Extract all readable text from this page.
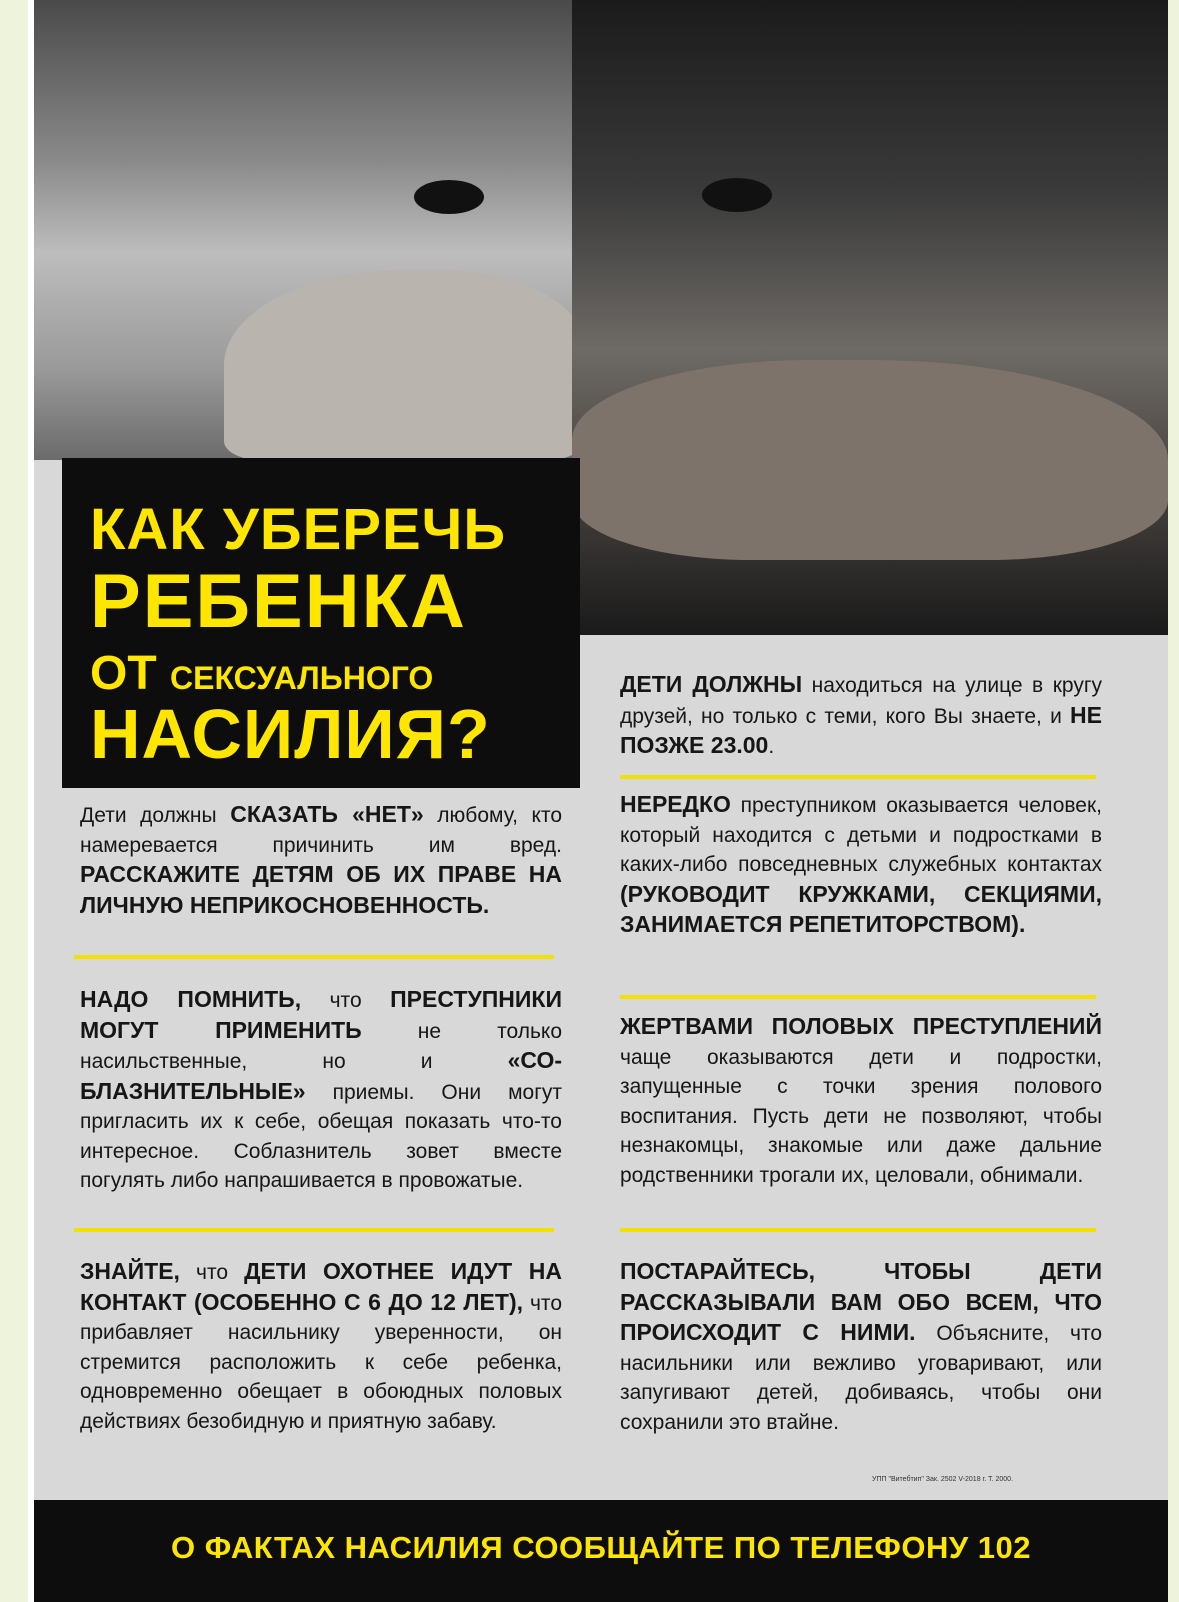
КАК УБЕРЕЧЬ
РЕБЕНКА
ОТ СЕКСУАЛЬНОГО
НАСИЛИЯ?
Дети должны СКАЗАТЬ «НЕТ» любому, кто намеревается причинить им вред. РАССКАЖИТЕ ДЕТЯМ ОБ ИХ ПРАВЕ НА ЛИЧНУЮ НЕПРИКОСНОВЕННОСТЬ.
НАДО ПОМНИТЬ, что ПРЕСТУПНИКИ МОГУТ ПРИМЕНИТЬ не только насильственные, но и «СОБЛАЗНИТЕЛЬНЫЕ» приемы. Они могут пригласить их к себе, обещая показать что-то интересное. Соблазнитель зовет вместе погулять либо напрашивается в провожатые.
ЗНАЙТЕ, что ДЕТИ ОХОТНЕЕ ИДУТ НА КОНТАКТ (ОСОБЕННО С 6 ДО 12 ЛЕТ), что прибавляет насильнику уверенности, он стремится расположить к себе ребенка, одновременно обещает в обоюдных половых действиях безобидную и приятную забаву.
ДЕТИ ДОЛЖНЫ находиться на улице в кругу друзей, но только с теми, кого Вы знаете, и НЕ ПОЗЖЕ 23.00.
НЕРЕДКО преступником оказывается человек, который находится с детьми и подростками в каких-либо повседневных служебных контактах (РУКОВОДИТ КРУЖКАМИ, СЕКЦИЯМИ, ЗАНИМАЕТСЯ РЕПЕТИТОРСТВОМ).
ЖЕРТВАМИ ПОЛОВЫХ ПРЕСТУПЛЕНИЙ чаще оказываются дети и подростки, запущенные с точки зрения полового воспитания. Пусть дети не позволяют, чтобы незнакомцы, знакомые или даже дальние родственники трогали их, целовали, обнимали.
ПОСТАРАЙТЕСЬ, ЧТОБЫ ДЕТИ РАССКАЗЫВАЛИ ВАМ ОБО ВСЕМ, ЧТО ПРОИСХОДИТ С НИМИ. Объясните, что насильники или вежливо уговаривают, или запугивают детей, добиваясь, чтобы они сохранили это втайне.
УПП "Витебтип" Зак. 2502 V-2018 г. Т. 2000.
О ФАКТАХ НАСИЛИЯ СООБЩАЙТЕ ПО ТЕЛЕФОНУ 102
